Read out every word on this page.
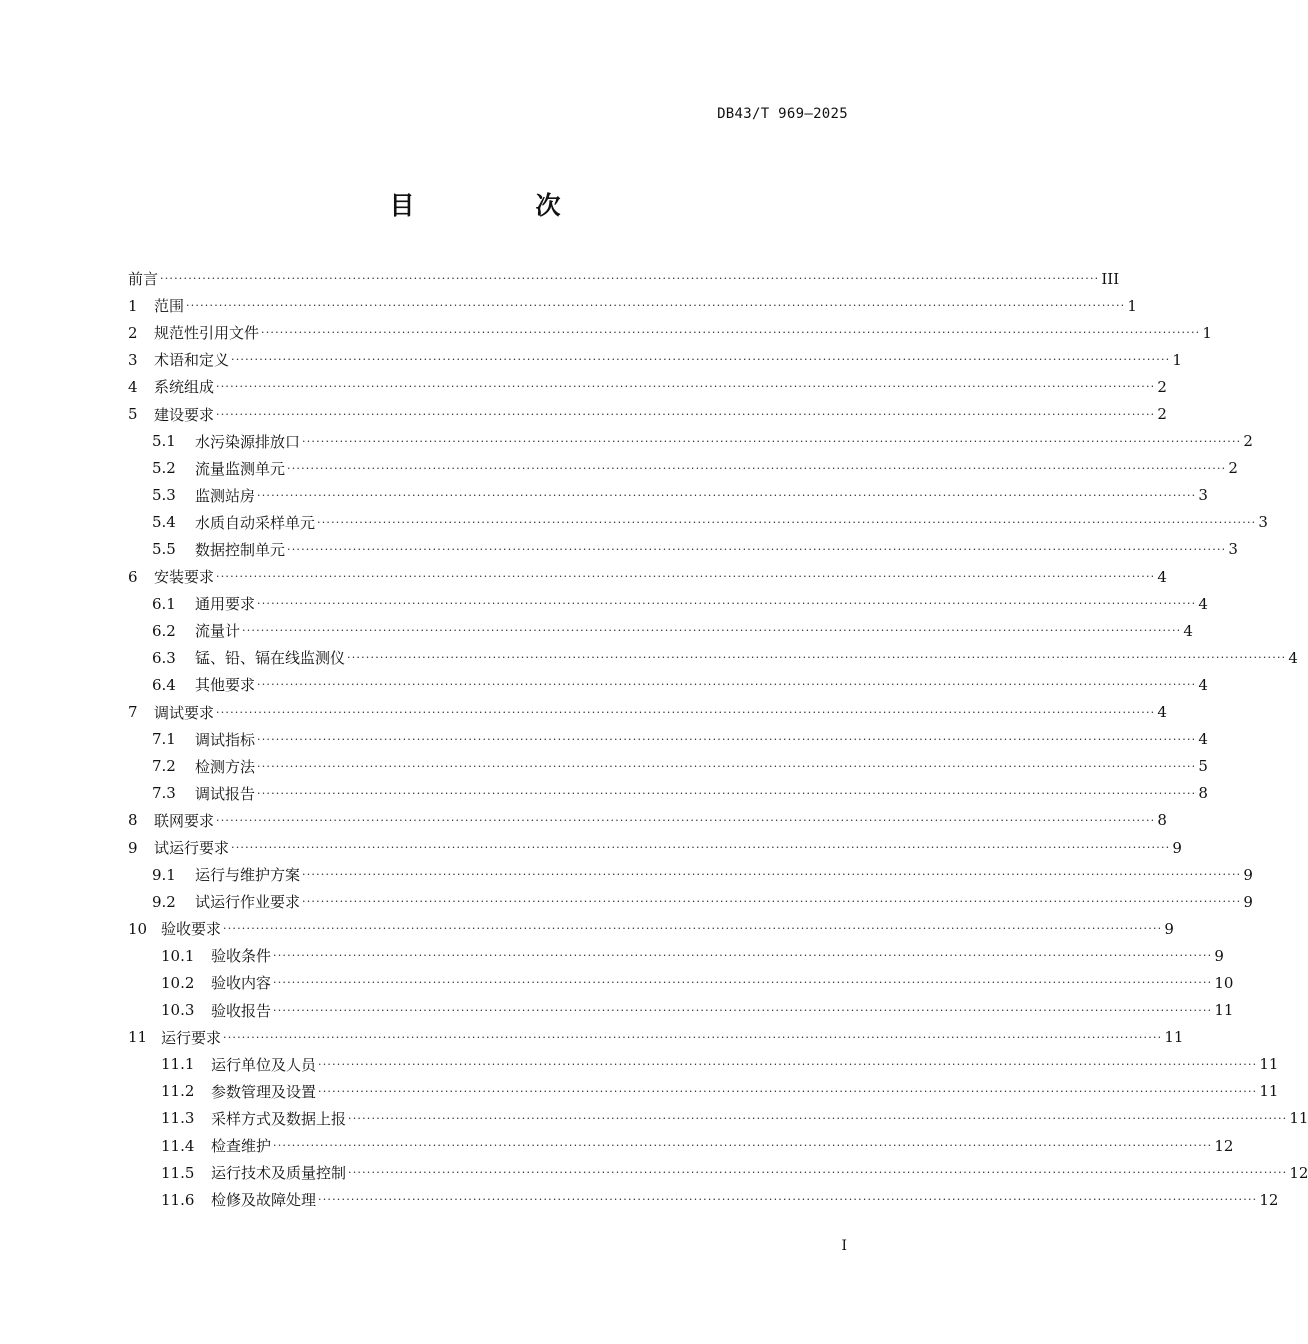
DB43/T 969—2025
目　次
前言 ········································································································································································································ III
1	范围 ········································································································································································································ 1
2	规范性引用文件 ········································································································································································································ 1
3	术语和定义 ········································································································································································································ 1
4	系统组成 ········································································································································································································ 2
5	建设要求 ········································································································································································································ 2
5.1	水污染源排放口 ········································································································································································································ 2
5.2	流量监测单元 ········································································································································································································ 2
5.3	监测站房 ········································································································································································································ 3
5.4	水质自动采样单元 ········································································································································································································ 3
5.5	数据控制单元 ········································································································································································································ 3
6	安装要求 ········································································································································································································ 4
6.1	通用要求 ········································································································································································································ 4
6.2	流量计 ········································································································································································································ 4
6.3	锰、铅、镉在线监测仪 ········································································································································································································ 4
6.4	其他要求 ········································································································································································································ 4
7	调试要求 ········································································································································································································ 4
7.1	调试指标 ········································································································································································································ 4
7.2	检测方法 ········································································································································································································ 5
7.3	调试报告 ········································································································································································································ 8
8	联网要求 ········································································································································································································ 8
9	试运行要求 ········································································································································································································ 9
9.1	运行与维护方案 ········································································································································································································ 9
9.2	试运行作业要求 ········································································································································································································ 9
10 验收要求 ········································································································································································································ 9
10.1	验收条件 ········································································································································································································ 9
10.2	验收内容 ········································································································································································································ 10
10.3	验收报告 ········································································································································································································ 11
11 运行要求 ········································································································································································································ 11
11.1	运行单位及人员 ········································································································································································································ 11
11.2	参数管理及设置 ········································································································································································································ 11
11.3	采样方式及数据上报 ········································································································································································································ 11
11.4	检查维护 ········································································································································································································ 12
11.5	运行技术及质量控制 ········································································································································································································ 12
11.6	检修及故障处理 ········································································································································································································ 12
I
